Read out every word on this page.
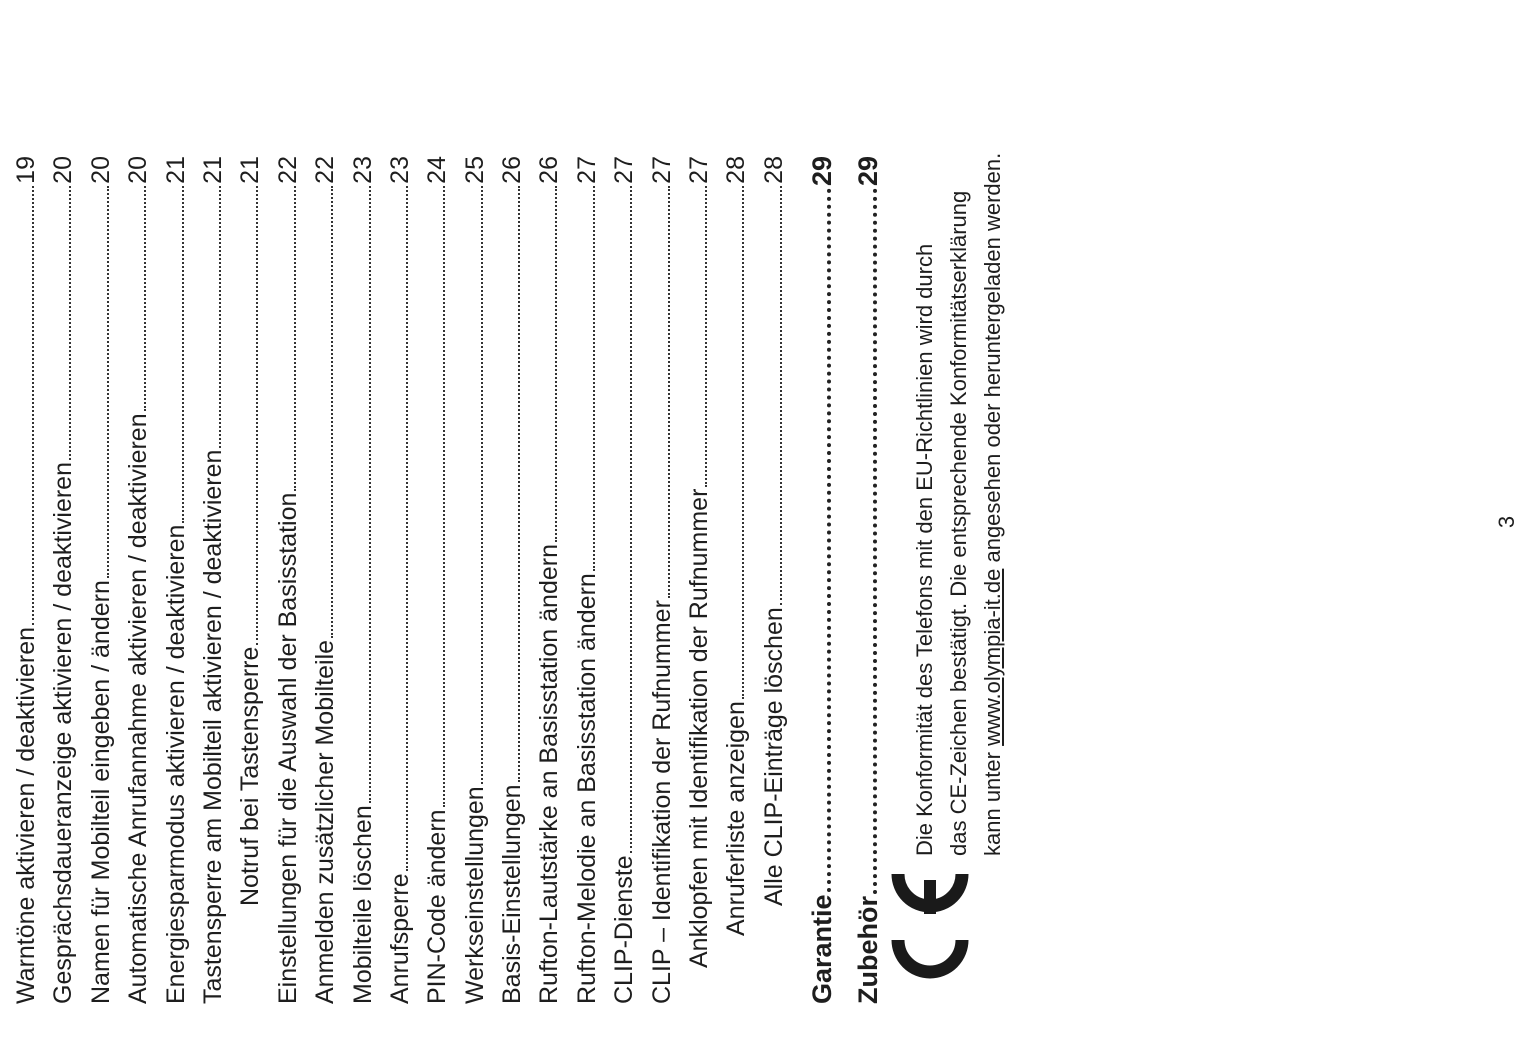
Warntöne aktivieren / deaktivieren
19
Gesprächsdaueranzeige aktivieren / deaktivieren
20
Namen für Mobilteil eingeben / ändern
20
Automatische Anrufannahme aktivieren / deaktivieren
20
Energiesparmodus aktivieren / deaktivieren
21
Tastensperre am Mobilteil aktivieren / deaktivieren
21
Notruf bei Tastensperre
21
Einstellungen für die Auswahl der Basisstation
22
Anmelden zusätzlicher Mobilteile
22
Mobilteile löschen
23
Anrufsperre
23
PIN-Code ändern
24
Werkseinstellungen
25
Basis-Einstellungen
26
Rufton-Lautstärke an Basisstation ändern
26
Rufton-Melodie an Basisstation ändern
27
CLIP-Dienste
27
CLIP – Identifikation der Rufnummer
27
Anklopfen mit Identifikation der Rufnummer
27
Anruferliste anzeigen
28
Alle CLIP-Einträge löschen
28
Garantie
29
Zubehör
29
Die Konformität des Telefons mit den EU-Richtlinien wird durch das CE-Zeichen bestätigt. Die entsprechende Konformitätserklärung kann unter www.olympia-it.de angesehen oder heruntergeladen werden.	3
